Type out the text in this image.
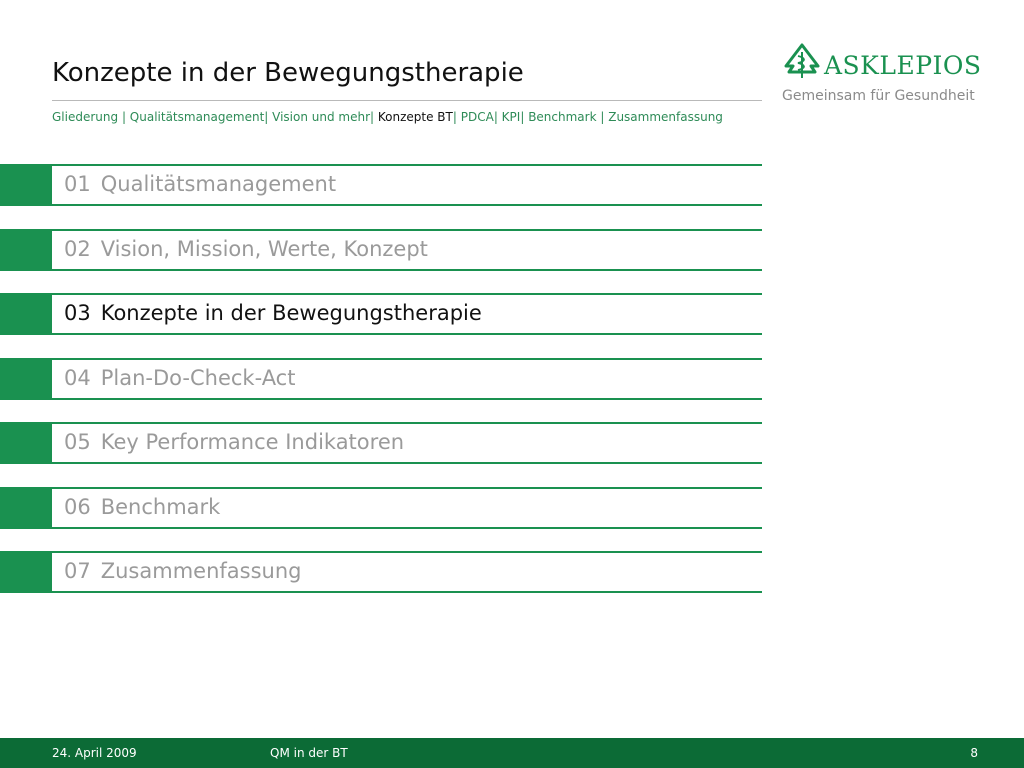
Konzepte in der Bewegungstherapie
Gliederung | Qualitätsmanagement| Vision und mehr| Konzepte BT| PDCA| KPI| Benchmark | Zusammenfassung
ASKLEPIOS
Gemeinsam für Gesundheit
01 Qualitätsmanagement
02 Vision, Mission, Werte, Konzept
03 Konzepte in der Bewegungstherapie
04 Plan-Do-Check-Act
05 Key Performance Indikatoren
06 Benchmark
07 Zusammenfassung
24. April 2009	QM in der BT	8
